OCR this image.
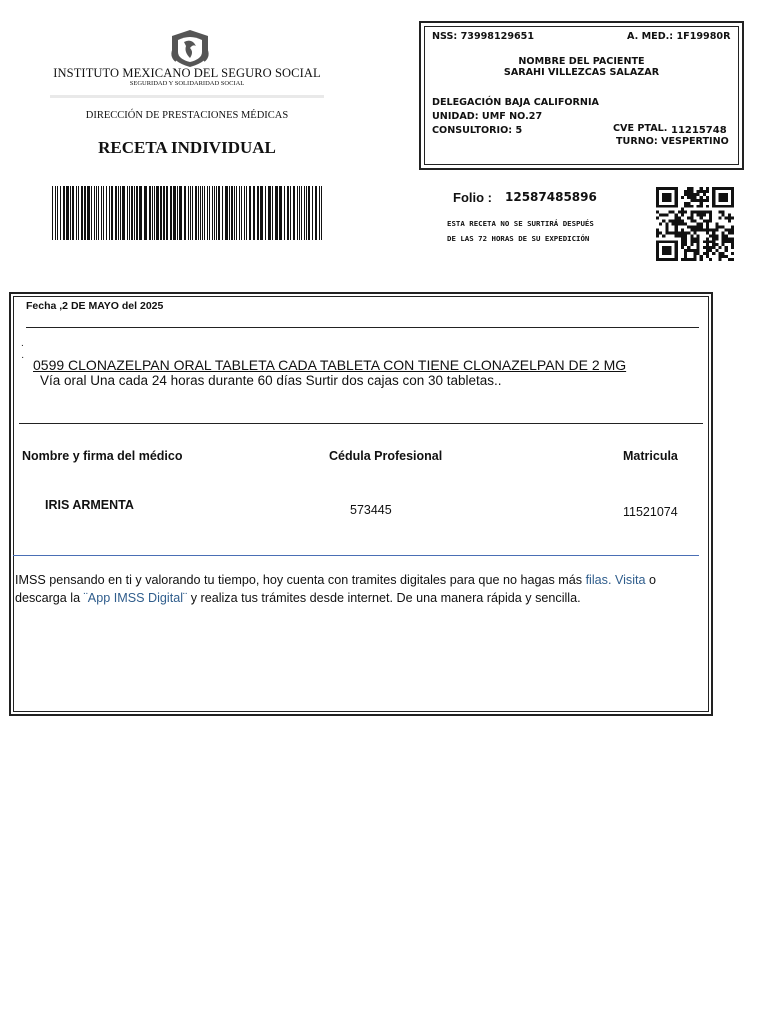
INSTITUTO MEXICANO DEL SEGURO SOCIAL
SEGURIDAD Y SOLIDARIDAD SOCIAL
DIRECCIÓN DE PRESTACIONES MÉDICAS
RECETA INDIVIDUAL
NSS: 73998129651	A. MED.: 1F19980R
NOMBRE DEL PACIENTE
SARAHI VILLEZCAS SALAZAR
DELEGACIÓN BAJA CALIFORNIA
UNIDAD: UMF NO.27
CONSULTORIO: 5	CVE PTAL. 11215748
TURNO: VESPERTINO
Folio : 12587485896
ESTA RECETA NO SE SURTIRÁ DESPUÉS
DE LAS 72 HORAS DE SU EXPEDICIÓN
Fecha ,2 DE MAYO del 2025
.
· 0599 CLONAZELPAN ORAL TABLETA CADA TABLETA CON TIENE CLONAZELPAN DE 2 MG
Vía oral Una cada 24 horas durante 60 días Surtir dos cajas con 30 tabletas..
Nombre y firma del médico	Cédula Profesional	Matricula
IRIS ARMENTA	573445	11521074
IMSS pensando en ti y valorando tu tiempo, hoy cuenta con tramites digitales para que no hagas más filas. Visita o descarga la ¨App IMSS Digital¨ y realiza tus trámites desde internet. De una manera rápida y sencilla.
